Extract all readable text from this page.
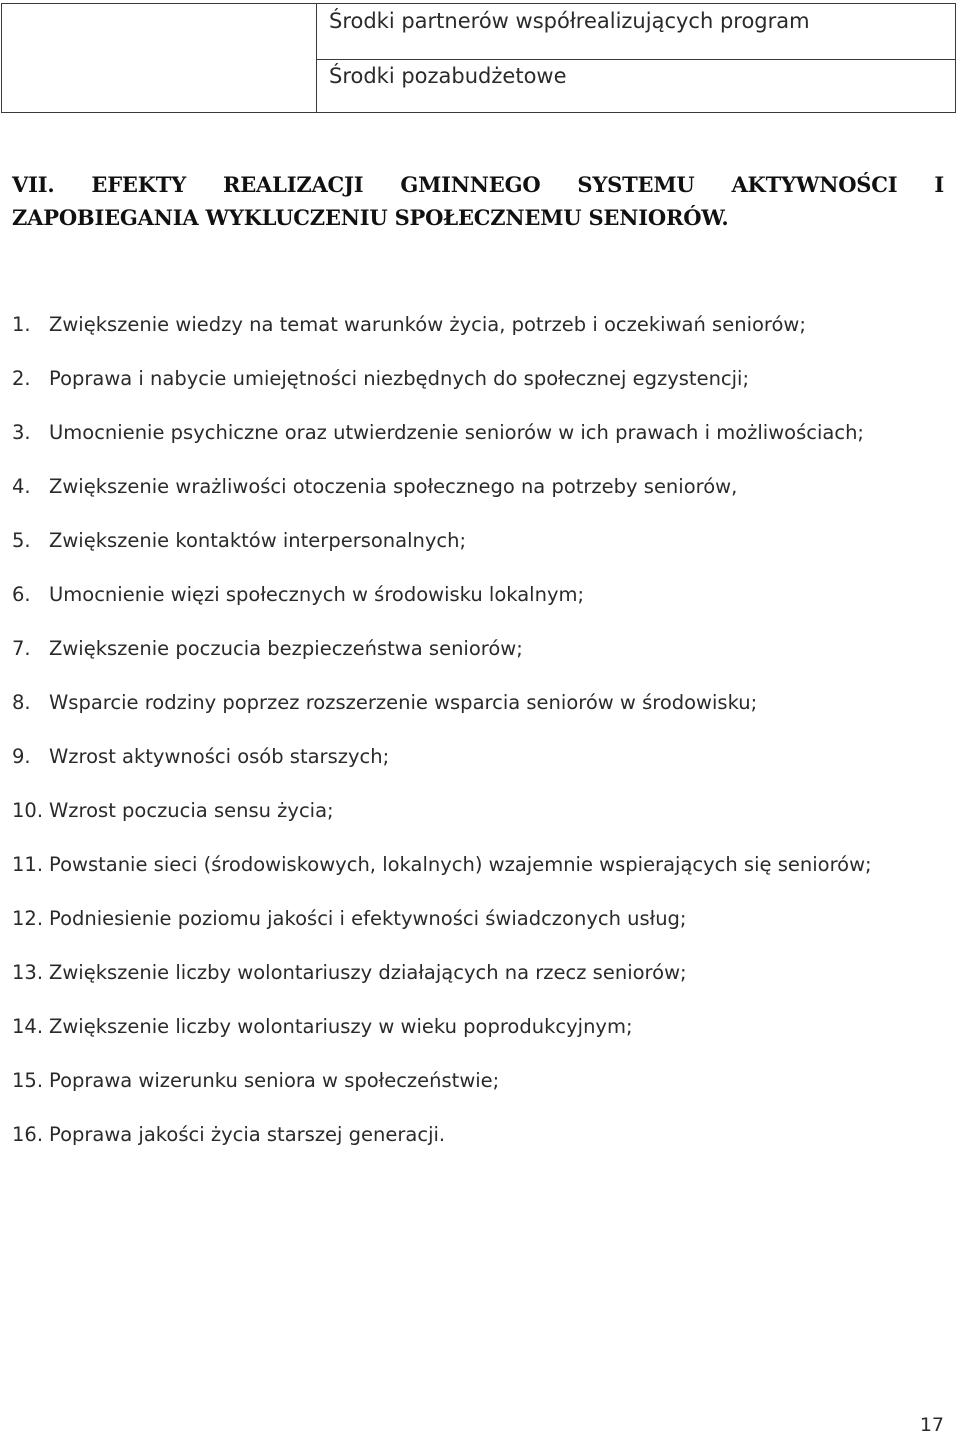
Środki partnerów współrealizujących program
Środki pozabudżetowe
VII. EFEKTY REALIZACJI GMINNEGO SYSTEMU AKTYWNOŚCI I ZAPOBIEGANIA WYKLUCZENIU SPOŁECZNEMU SENIORÓW.
1. Zwiększenie wiedzy na temat warunków życia, potrzeb i oczekiwań seniorów;
2. Poprawa i nabycie umiejętności niezbędnych do społecznej egzystencji;
3. Umocnienie psychiczne oraz utwierdzenie seniorów w ich prawach i możliwościach;
4. Zwiększenie wrażliwości otoczenia społecznego na potrzeby seniorów,
5. Zwiększenie kontaktów interpersonalnych;
6. Umocnienie więzi społecznych w środowisku lokalnym;
7. Zwiększenie poczucia bezpieczeństwa seniorów;
8. Wsparcie rodziny poprzez rozszerzenie wsparcia seniorów w środowisku;
9. Wzrost aktywności osób starszych;
10. Wzrost poczucia sensu życia;
11. Powstanie sieci (środowiskowych, lokalnych) wzajemnie wspierających się seniorów;
12. Podniesienie poziomu jakości i efektywności świadczonych usług;
13. Zwiększenie liczby wolontariuszy działających na rzecz seniorów;
14. Zwiększenie liczby wolontariuszy w wieku poprodukcyjnym;
15. Poprawa wizerunku seniora w społeczeństwie;
16. Poprawa jakości życia starszej generacji.
17
